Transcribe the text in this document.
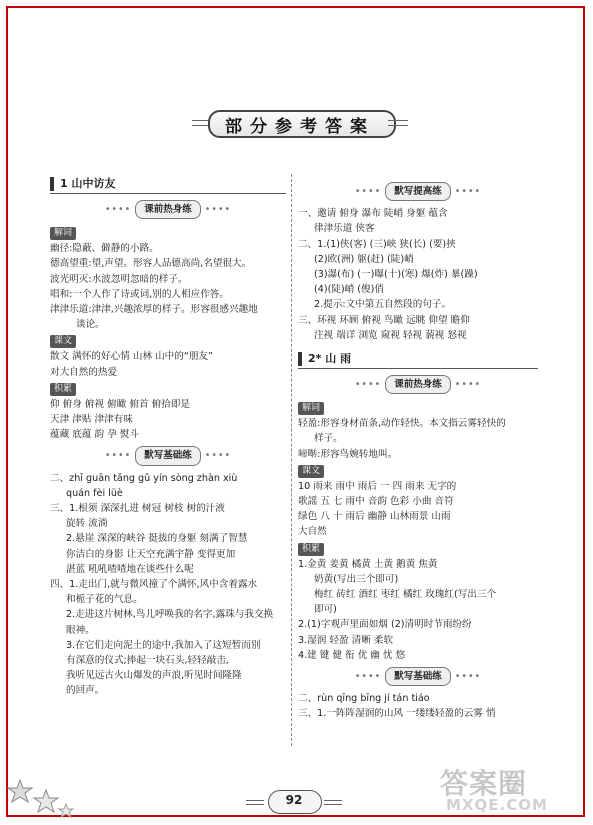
部分参考答案
1 山中访友
•••• 课前热身练 ••••
解词
幽径:隐蔽、僻静的小路。
德高望重:望,声望。形容人品德高尚,名望很大。
波光明灭:水波忽明忽暗的样子。
唱和:一个人作了诗或词,别的人相应作答。
津津乐道:津津,兴趣浓厚的样子。形容很感兴趣地
谈论。
课文
散文 满怀的好心情 山林 山中的“朋友”
对大自然的热爱
积累
仰 俯身 俯视 俯瞰 俯首 俯拾即是
天津 津贴 津津有味
蕴藏 底蕴 韵 孕 熨斗
•••• 默写基础练 ••••
二、zhī guān tǎng gǔ yín sòng zhàn xiù
quán fèi lüè
三、1.根须 深深扎进 树冠 树枝 树的汁液
旋转 流淌
2.悬崖 深深的峡谷 挺拔的身躯 刻满了智慧
你洁白的身影 让天空充满宇静 变得更加
湛蓝 吼吼喳喳地在谈些什么呢
四、1.走出门,就与微风撞了个满怀,风中含着露水
和栀子花的气息。
2.走进这片树林,鸟儿呼唤我的名字,露珠与我交换
眼神。
3.在它们走向泥土的途中,我加入了这短暂而别
有深意的仪式;捧起一块石头,轻轻敲击,
我听见远古火山爆发的声浪,听见时间隆隆
的回声。
•••• 默写提高练 ••••
一、邀请 俯身 瀑布 陡峭 身躯 蕴含
律津乐道 侠客
二、1.(1)侠(客) (三)峡 狭(长) (要)挟
(2)欧(洲) 躯(赶) (陡)峭
(3)瀑(布) (一)曝(十)(寒) 爆(炸) 暴(躁)
(4)(陡)峭 (俊)俏
2.提示:文中第五自然段的句子。
三、环视 环顾 俯视 鸟瞰 远眺 仰望 瞻仰
注视 端详 浏览 窥视 轻视 藐视 怒视
2* 山 雨
•••• 课前热身练 ••••
解词
轻盈:形容身材苗条,动作轻快。本文指云雾轻快的
样子。
啼啭:形容鸟婉转地叫。
课文
10 雨来 雨中 雨后 一 四 雨来 无字的
歌謡 五 七 雨中 音韵 色彩 小曲 音符
绿色 八 十 雨后 幽静 山林雨景 山雨
大自然
积累
1.金黄 姜黄 橘黄 土黄 鹅黄 焦黄
奶黄(写出三个即可)
梅红 砖红 酒红 枣红 橘红 玫瑰红(写出三个
即可)
2.(1)字观声里面如烟 (2)清明时节雨纷纷
3.湿润 轻盈 清晰 柔软
4.建 键 健 衔 优 幽 忧 悠
•••• 默写基础练 ••••
二、rùn qīng bīng jí tán tiáo
三、1.一阵阵湿润的山风 一缕缕轻盈的云雾 悄
92	答案圈
MXQE.COM
